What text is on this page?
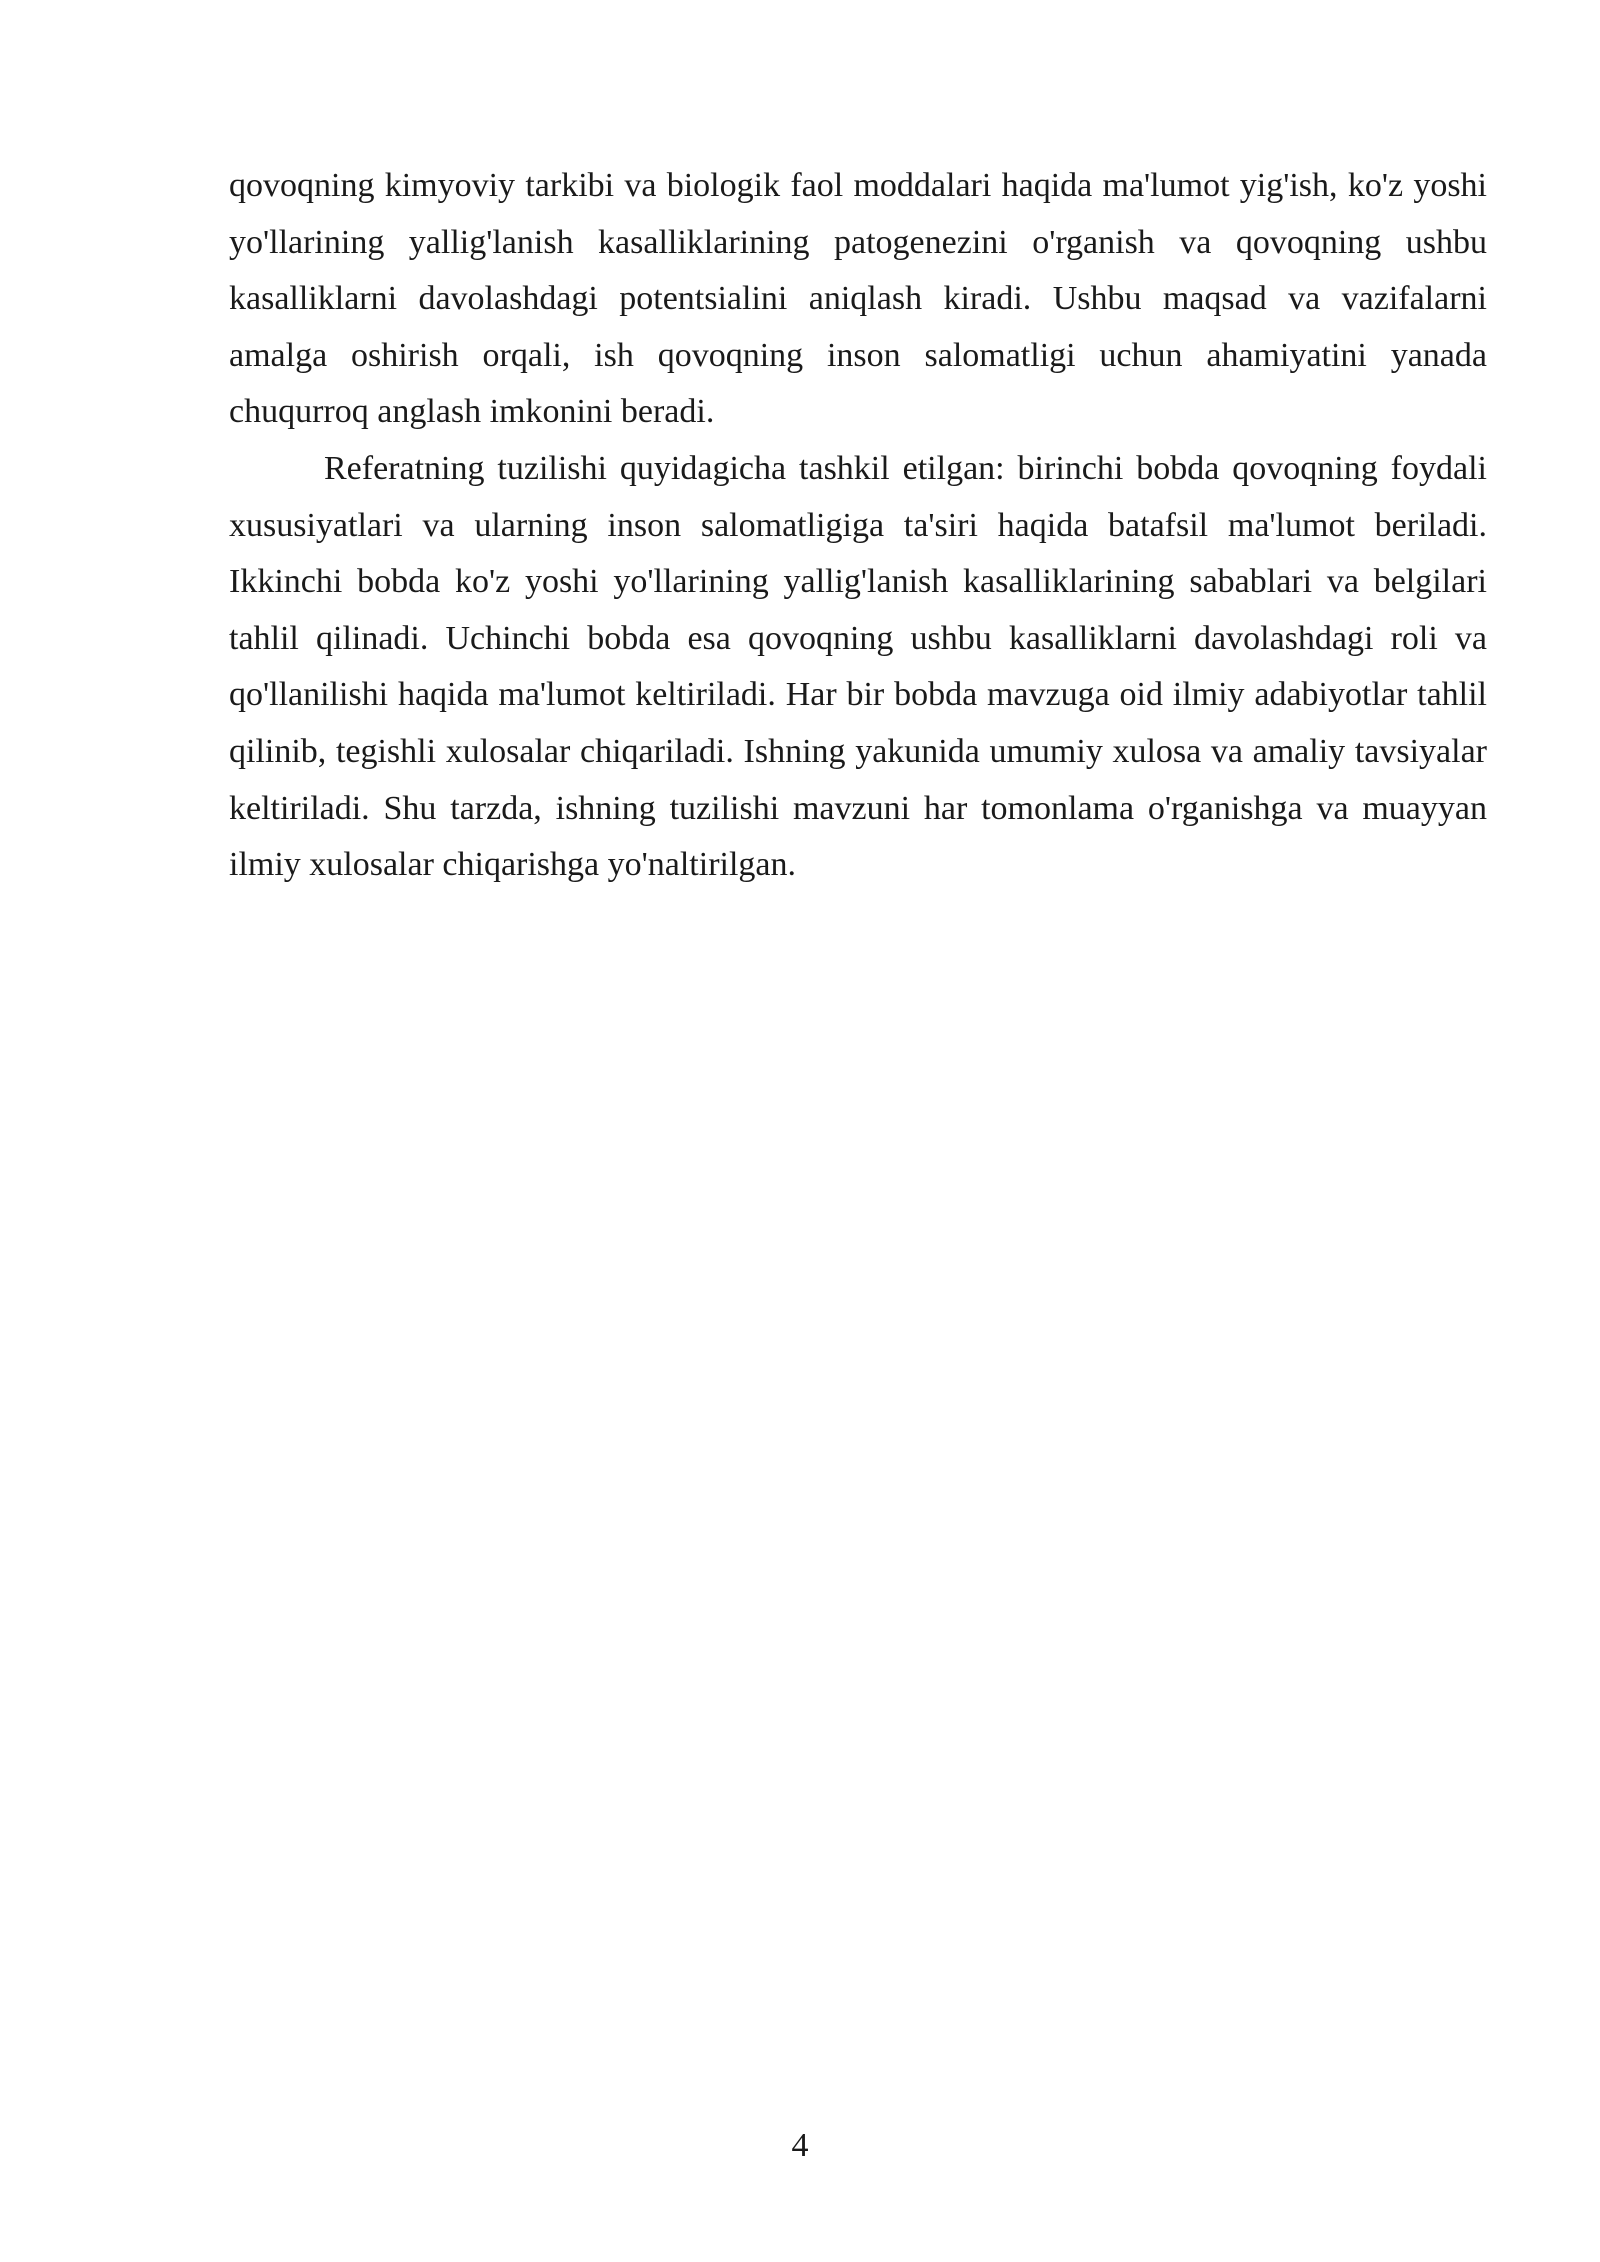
qovoqning kimyoviy tarkibi va biologik faol moddalari haqida ma'lumot yig'ish, ko'z yoshi yo'llarining yallig'lanish kasalliklarining patogenezini o'rganish va qovoqning ushbu kasalliklarni davolashdagi potentsialini aniqlash kiradi. Ushbu maqsad va vazifalarni amalga oshirish orqali, ish qovoqning inson salomatligi uchun ahamiyatini yanada chuqurroq anglash imkonini beradi.

Referatning tuzilishi quyidagicha tashkil etilgan: birinchi bobda qovoqning foydali xususiyatlari va ularning inson salomatligiga ta'siri haqida batafsil ma'lumot beriladi. Ikkinchi bobda ko'z yoshi yo'llarining yallig'lanish kasalliklarining sabablari va belgilari tahlil qilinadi. Uchinchi bobda esa qovoqning ushbu kasalliklarni davolashdagi roli va qo'llanilishi haqida ma'lumot keltiriladi. Har bir bobda mavzuga oid ilmiy adabiyotlar tahlil qilinib, tegishli xulosalar chiqariladi. Ishning yakunida umumiy xulosa va amaliy tavsiyalar keltiriladi. Shu tarzda, ishning tuzilishi mavzuni har tomonlama o'rganishga va muayyan ilmiy xulosalar chiqarishga yo'naltirilgan.

4
